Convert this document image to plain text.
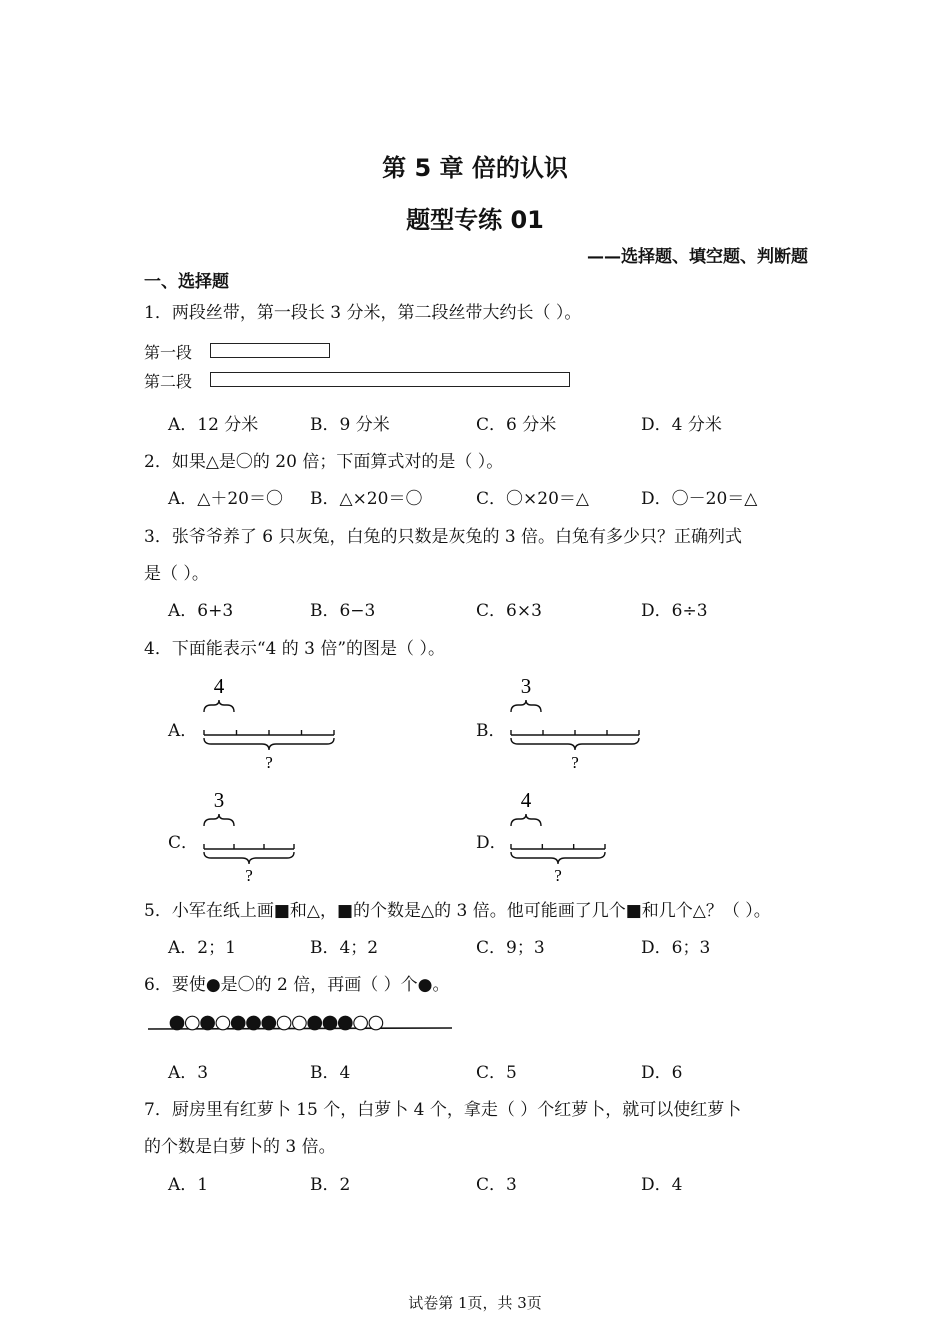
第 5 章 倍的认识
题型专练 01
——选择题、填空题、判断题
一、选择题
1．两段丝带，第一段长 3 分米，第二段丝带大约长（ ）。
第一段
第二段
A．12 分米	B．9 分米	C．6 分米	D．4 分米
2．如果△是〇的 20 倍；下面算式对的是（ ）。
A．△＋20＝〇 B．△×20＝〇	C．〇×20＝△	D．〇－20＝△
3．张爷爷养了 6 只灰兔，白兔的只数是灰兔的 3 倍。白兔有多少只？正确列式
是（ ）。
A．6+3	B．6−3	C．6×3	D．6÷3
4．下面能表示“4 的 3 倍”的图是（ ）。
A．	B．
C．	D．
4
?
3
?
3
?
4
?
5．小军在纸上画■和△，■的个数是△的 3 倍。他可能画了几个■和几个△？（ ）。
A．2；1	B．4；2	C．9；3	D．6；3
6．要使●是〇的 2 倍，再画（ ）个●。
A．3	B．4	C．5	D．6
7．厨房里有红萝卜 15 个，白萝卜 4 个，拿走（ ）个红萝卜，就可以使红萝卜
的个数是白萝卜的 3 倍。
A．1	B．2	C．3	D．4
试卷第 1页，共 3页
